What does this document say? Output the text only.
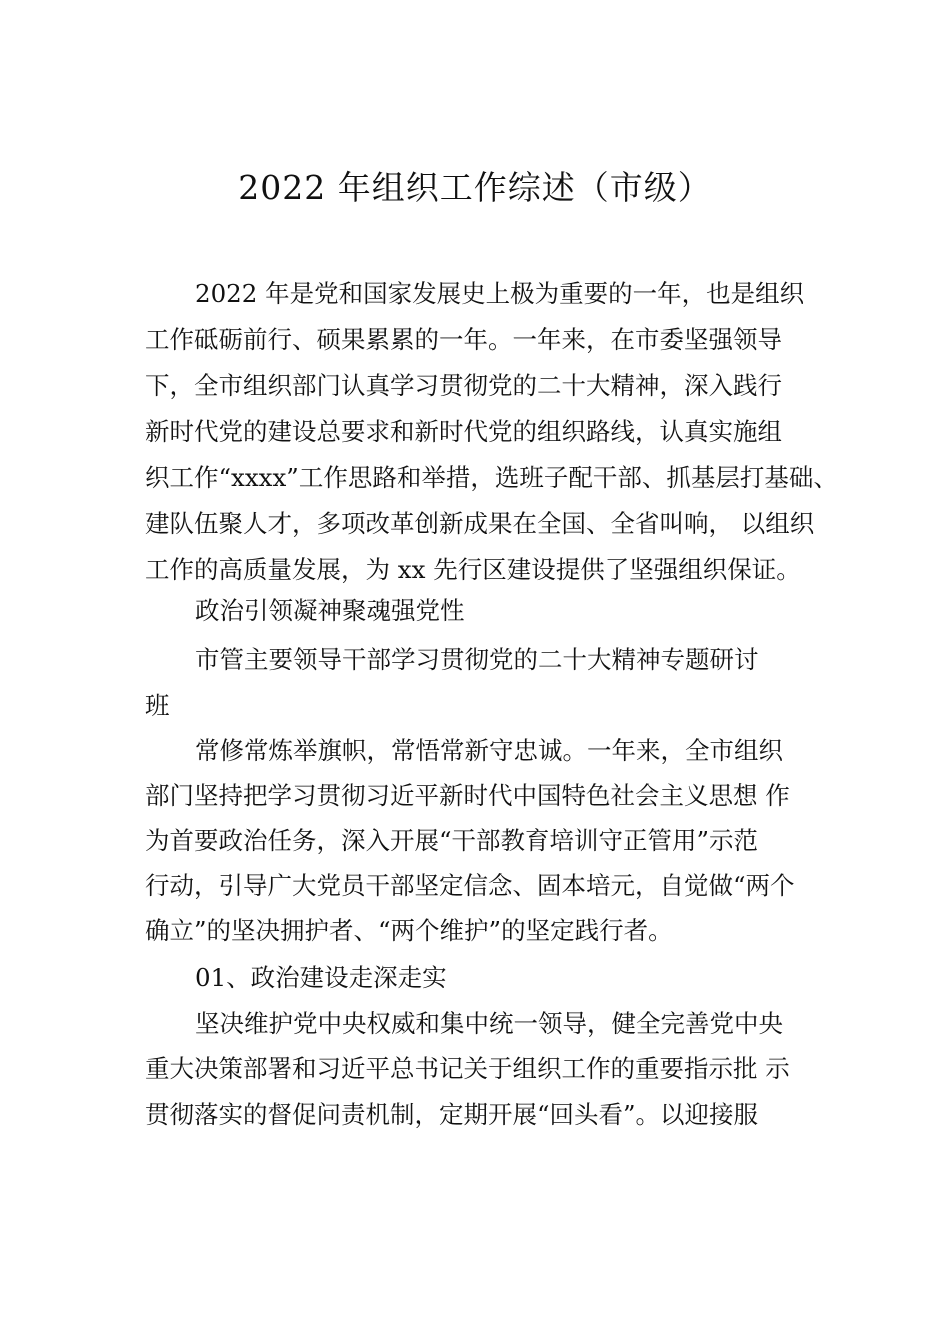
2022 年组织工作综述（市级）
2022 年是党和国家发展史上极为重要的一年，也是组织
工作砥砺前行、硕果累累的一年。一年来，在市委坚强领导
下，全市组织部门认真学习贯彻党的二十大精神，深入践行
新时代党的建设总要求和新时代党的组织路线，认真实施组
织工作“xxxx”工作思路和举措，选班子配干部、抓基层打基础、
建队伍聚人才，多项改革创新成果在全国、全省叫响， 以组织
工作的高质量发展，为 xx 先行区建设提供了坚强组织保证。
政治引领凝神聚魂强党性
市管主要领导干部学习贯彻党的二十大精神专题研讨
班
常修常炼举旗帜，常悟常新守忠诚。一年来，全市组织
部门坚持把学习贯彻习近平新时代中国特色社会主义思想 作
为首要政治任务，深入开展“干部教育培训守正管用”示范
行动，引导广大党员干部坚定信念、固本培元，自觉做“两个
确立”的坚决拥护者、“两个维护”的坚定践行者。
01、政治建设走深走实
坚决维护党中央权威和集中统一领导，健全完善党中央
重大决策部署和习近平总书记关于组织工作的重要指示批 示
贯彻落实的督促问责机制，定期开展“回头看”。以迎接服
